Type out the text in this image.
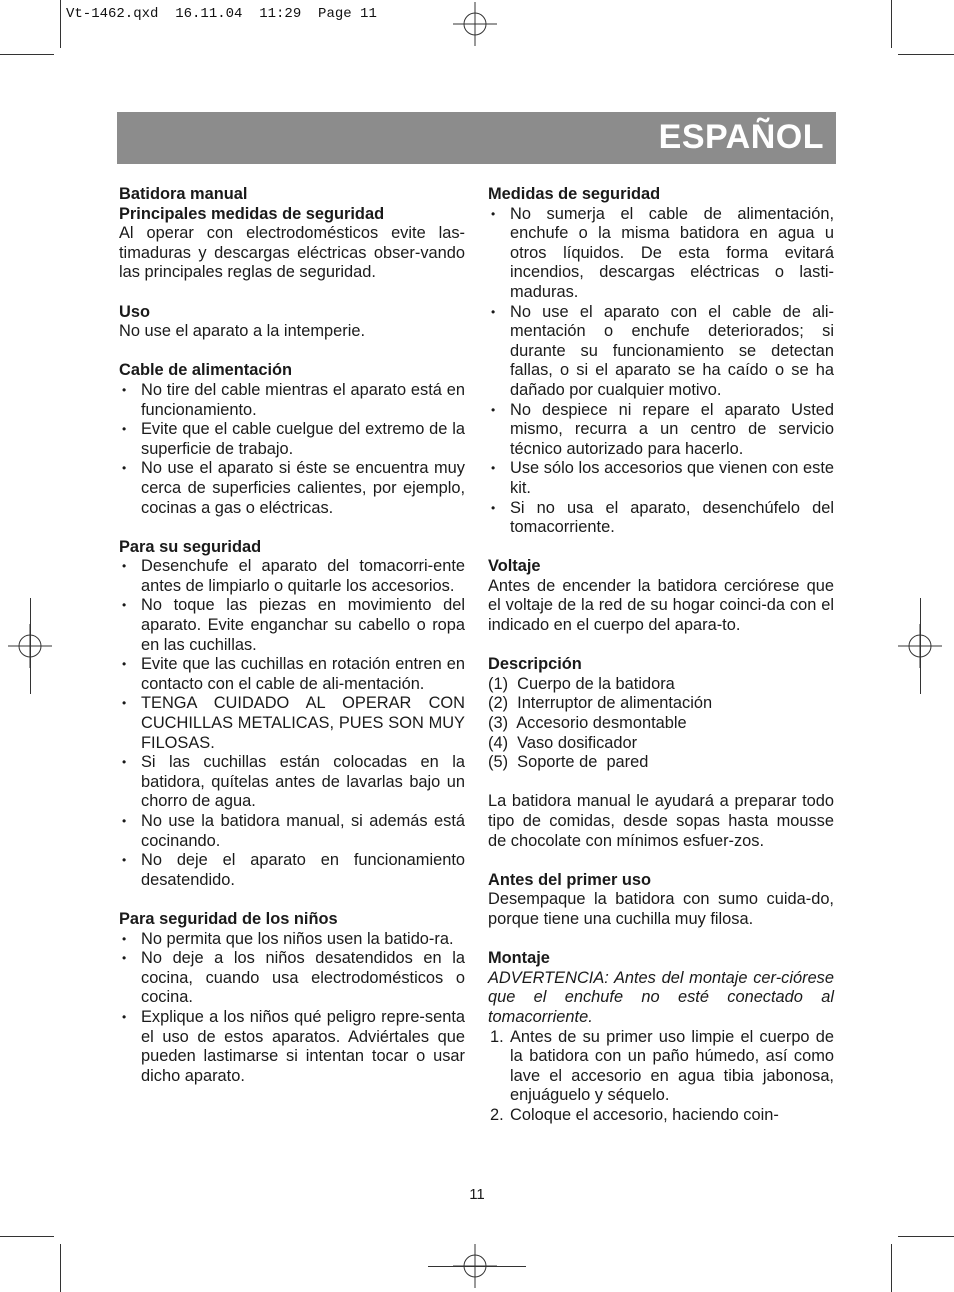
Vt-1462.qxd  16.11.04  11:29  Page 11
ESPAÑOL
Batidora manual
Principales medidas de seguridad

Al operar con electrodomésticos evite las-timaduras y descargas eléctricas obser-vando las principales reglas de seguridad.

Uso

No use el aparato a la intemperie.

Cable de alimentación
• No tire del cable mientras el aparato está en funcionamiento.
• Evite que el cable cuelgue del extremo de la superficie de trabajo.
• No use el aparato si éste se encuentra muy cerca de superficies calientes, por ejemplo, cocinas a gas o eléctricas.
Para su seguridad
• Desenchufe el aparato del tomacorri-ente antes de limpiarlo o quitarle los accesorios.
• No toque las piezas en movimiento del aparato. Evite enganchar su cabello o ropa en las cuchillas.
• Evite que las cuchillas en rotación entren en contacto con el cable de ali-mentación.
• TENGA CUIDADO AL OPERAR CON CUCHILLAS METALICAS, PUES SON MUY FILOSAS.
• Si las cuchillas están colocadas en la batidora, quítelas antes de lavarlas bajo un chorro de agua.
• No use la batidora manual, si además está cocinando.
• No deje el aparato en funcionamiento desatendido.
Para seguridad de los niños
• No permita que los niños usen la batido-ra.
• No deje a los niños desatendidos en la cocina, cuando usa electrodomésticos o cocina.
• Explique a los niños qué peligro repre-senta el uso de estos aparatos. Adviértales que pueden lastimarse si intentan tocar o usar dicho aparato.
Medidas de seguridad
• No sumerja el cable de alimentación, enchufe o la misma batidora en agua u otros líquidos. De esta forma evitará incendios, descargas eléctricas o lasti-maduras.
• No use el aparato con el cable de ali-mentación o enchufe deteriorados; si durante su funcionamiento se detectan fallas, o si el aparato se ha caído o se ha dañado por cualquier motivo.
• No despiece ni repare el aparato Usted mismo, recurra a un centro de servicio técnico autorizado para hacerlo.
• Use sólo los accesorios que vienen con este kit.
• Si no usa el aparato, desenchúfelo del tomacorriente.
Voltaje

Antes de encender la batidora cerciórese que el voltaje de la red de su hogar coinci-da con el indicado en el cuerpo del apara-to.

Descripción
(1)  Cuerpo de la batidora
(2)  Interruptor de alimentación
(3)  Accesorio desmontable
(4)  Vaso dosificador
(5)  Soporte de  pared

La batidora manual le ayudará a preparar todo tipo de comidas, desde sopas hasta mousse de chocolate con mínimos esfuer-zos.

Antes del primer uso

Desempaque la batidora con sumo cuida-do, porque tiene una cuchilla muy filosa.

Montaje

ADVERTENCIA: Antes del montaje cer-ciórese que el enchufe no esté conectado al tomacorriente.

1. Antes de su primer uso limpie el cuerpo de la batidora con un paño húmedo, así como lave el accesorio en agua tibia jabonosa, enjuáguelo y séquelo.
2. Coloque el accesorio, haciendo coin-
11
